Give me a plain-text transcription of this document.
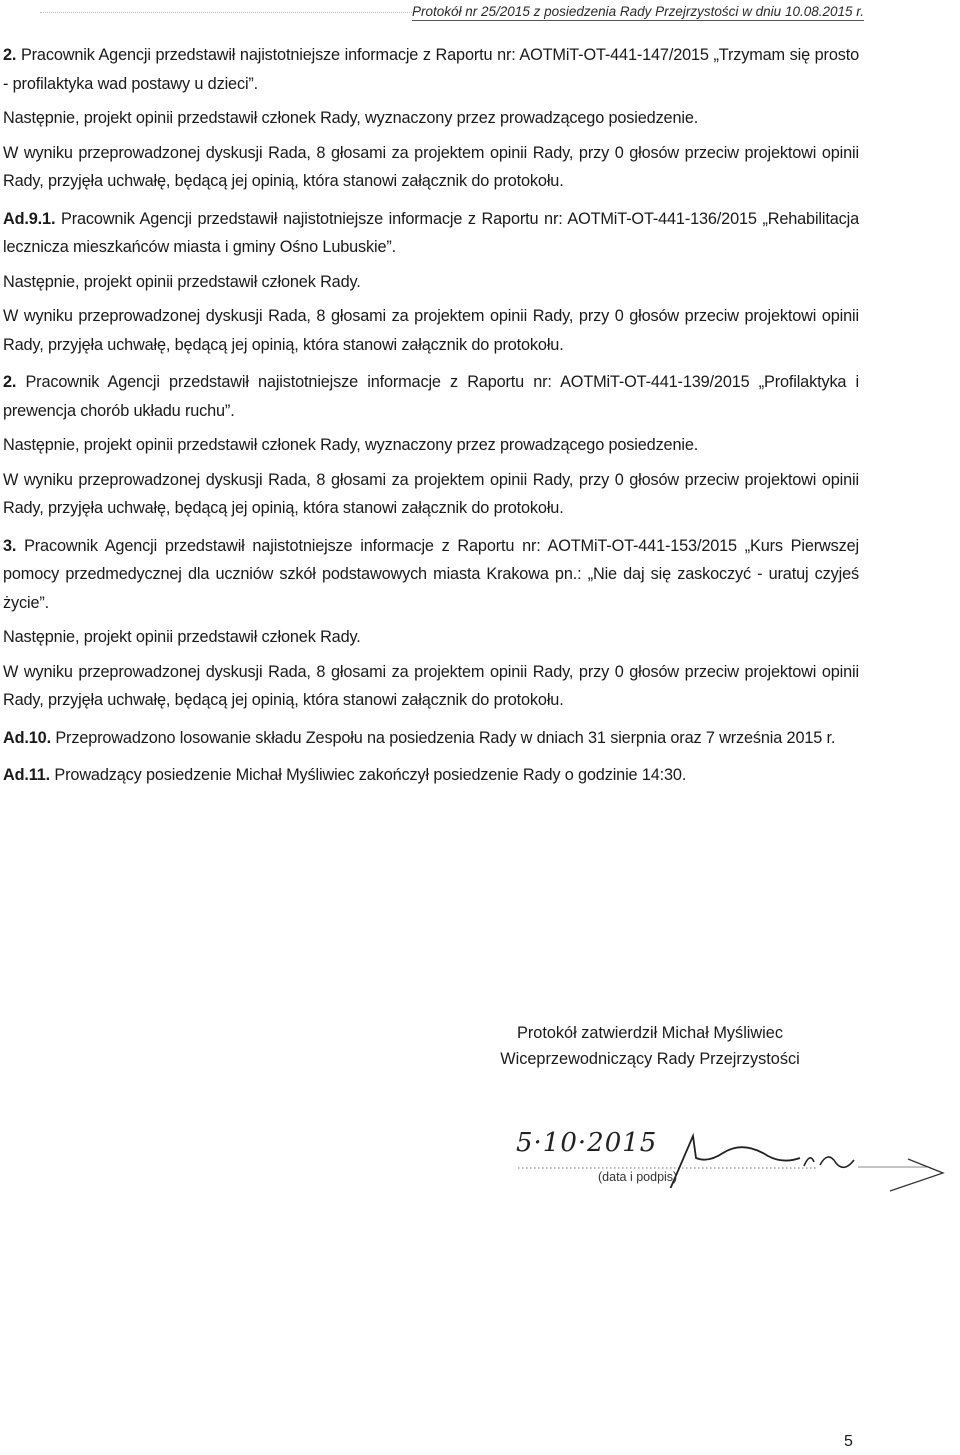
Protokół nr 25/2015 z posiedzenia Rady Przejrzystości w dniu 10.08.2015 r.

2. Pracownik Agencji przedstawił najistotniejsze informacje z Raportu nr: AOTMiT-OT-441-147/2015 „Trzymam się prosto - profilaktyka wad postawy u dzieci”.

Następnie, projekt opinii przedstawił członek Rady, wyznaczony przez prowadzącego posiedzenie.

W wyniku przeprowadzonej dyskusji Rada, 8 głosami za projektem opinii Rady, przy 0 głosów przeciw projektowi opinii Rady, przyjęła uchwałę, będącą jej opinią, która stanowi załącznik do protokołu.

Ad.9.1. Pracownik Agencji przedstawił najistotniejsze informacje z Raportu nr: AOTMiT-OT-441-136/2015 „Rehabilitacja lecznicza mieszkańców miasta i gminy Ośno Lubuskie”.

Następnie, projekt opinii przedstawił członek Rady.

W wyniku przeprowadzonej dyskusji Rada, 8 głosami za projektem opinii Rady, przy 0 głosów przeciw projektowi opinii Rady, przyjęła uchwałę, będącą jej opinią, która stanowi załącznik do protokołu.

2. Pracownik Agencji przedstawił najistotniejsze informacje z Raportu nr: AOTMiT-OT-441-139/2015 „Profilaktyka i prewencja chorób układu ruchu”.

Następnie, projekt opinii przedstawił członek Rady, wyznaczony przez prowadzącego posiedzenie.

W wyniku przeprowadzonej dyskusji Rada, 8 głosami za projektem opinii Rady, przy 0 głosów przeciw projektowi opinii Rady, przyjęła uchwałę, będącą jej opinią, która stanowi załącznik do protokołu.

3. Pracownik Agencji przedstawił najistotniejsze informacje z Raportu nr: AOTMiT-OT-441-153/2015 „Kurs Pierwszej pomocy przedmedycznej dla uczniów szkół podstawowych miasta Krakowa pn.: „Nie daj się zaskoczyć - uratuj czyjeś życie”.

Następnie, projekt opinii przedstawił członek Rady.

W wyniku przeprowadzonej dyskusji Rada, 8 głosami za projektem opinii Rady, przy 0 głosów przeciw projektowi opinii Rady, przyjęła uchwałę, będącą jej opinią, która stanowi załącznik do protokołu.

Ad.10. Przeprowadzono losowanie składu Zespołu na posiedzenia Rady w dniach 31 sierpnia oraz 7 września 2015 r.

Ad.11. Prowadzący posiedzenie Michał Myśliwiec zakończył posiedzenie Rady o godzinie 14:30.

Protokół zatwierdził Michał Myśliwiec
Wiceprzewodniczący Rady Przejrzystości
5·10·2015
(data i podpis)
5
